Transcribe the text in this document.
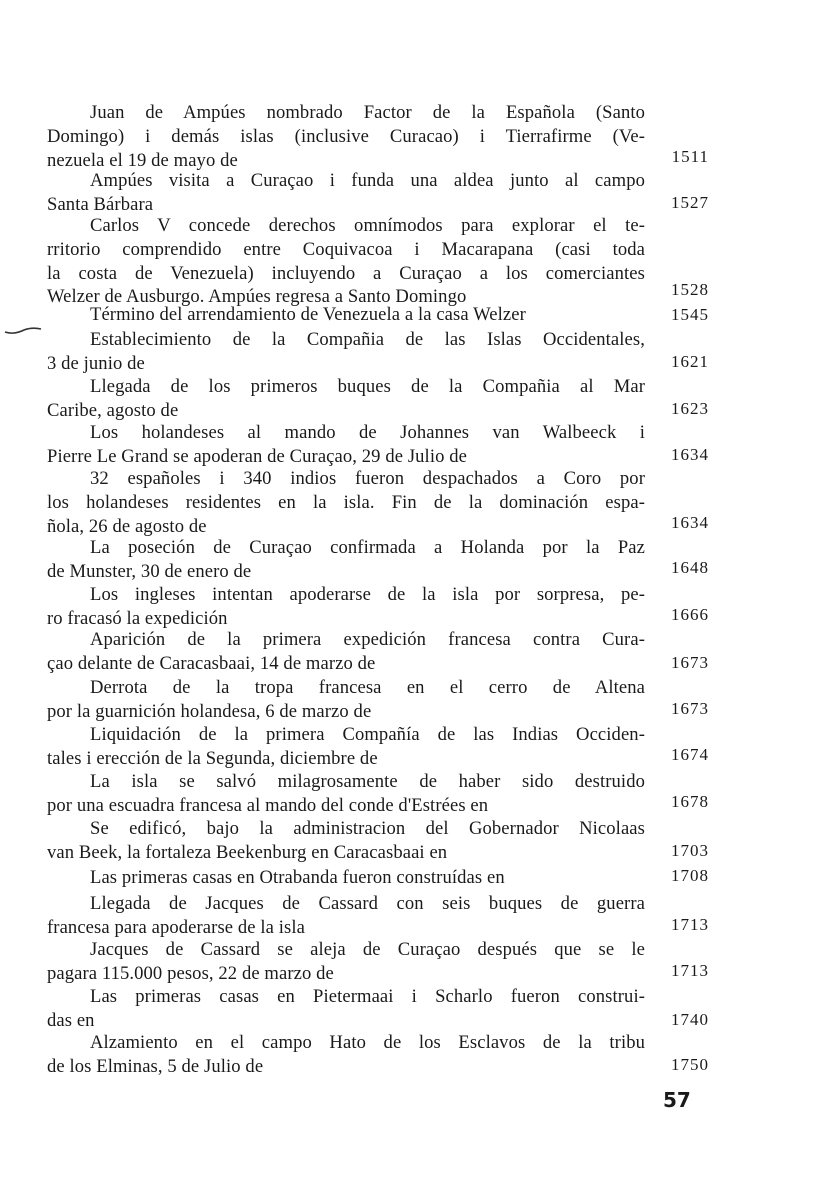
Juan de Ampúes nombrado Factor de la Española (Santo
Domingo) i demás islas (inclusive Curacao) i Tierrafirme (Ve-
nezuela el 19 de mayo de	1511
Ampúes visita a Curaçao i funda una aldea junto al campo
Santa Bárbara	1527
Carlos V concede derechos omnímodos para explorar el te-
rritorio comprendido entre Coquivacoa i Macarapana (casi toda
la costa de Venezuela) incluyendo a Curaçao a los comerciantes
Welzer de Ausburgo. Ampúes regresa a Santo Domingo	1528
Término del arrendamiento de Venezuela a la casa Welzer	1545
Establecimiento de la Compañia de las Islas Occidentales,
3 de junio de	1621
Llegada de los primeros buques de la Compañia al Mar
Caribe, agosto de	1623
Los holandeses al mando de Johannes van Walbeeck i
Pierre Le Grand se apoderan de Curaçao, 29 de Julio de	1634
32 españoles i 340 indios fueron despachados a Coro por
los holandeses residentes en la isla. Fin de la dominación espa-
ñola, 26 de agosto de	1634
La poseción de Curaçao confirmada a Holanda por la Paz
de Munster, 30 de enero de	1648
Los ingleses intentan apoderarse de la isla por sorpresa, pe-
ro fracasó la expedición	1666
Aparición de la primera expedición francesa contra Cura-
çao delante de Caracasbaai, 14 de marzo de	1673
Derrota de la tropa francesa en el cerro de Altena
por la guarnición holandesa, 6 de marzo de	1673
Liquidación de la primera Compañía de las Indias Occiden-
tales i erección de la Segunda, diciembre de	1674
La isla se salvó milagrosamente de haber sido destruido
por una escuadra francesa al mando del conde d'Estrées en	1678
Se edificó, bajo la administracion del Gobernador Nicolaas
van Beek, la fortaleza Beekenburg en Caracasbaai en	1703
Las primeras casas en Otrabanda fueron construídas en	1708
Llegada de Jacques de Cassard con seis buques de guerra
francesa para apoderarse de la isla	1713
Jacques de Cassard se aleja de Curaçao después que se le
pagara 115.000 pesos, 22 de marzo de	1713
Las primeras casas en Pietermaai i Scharlo fueron construi-
das en	1740
Alzamiento en el campo Hato de los Esclavos de la tribu
de los Elminas, 5 de Julio de	1750
57
